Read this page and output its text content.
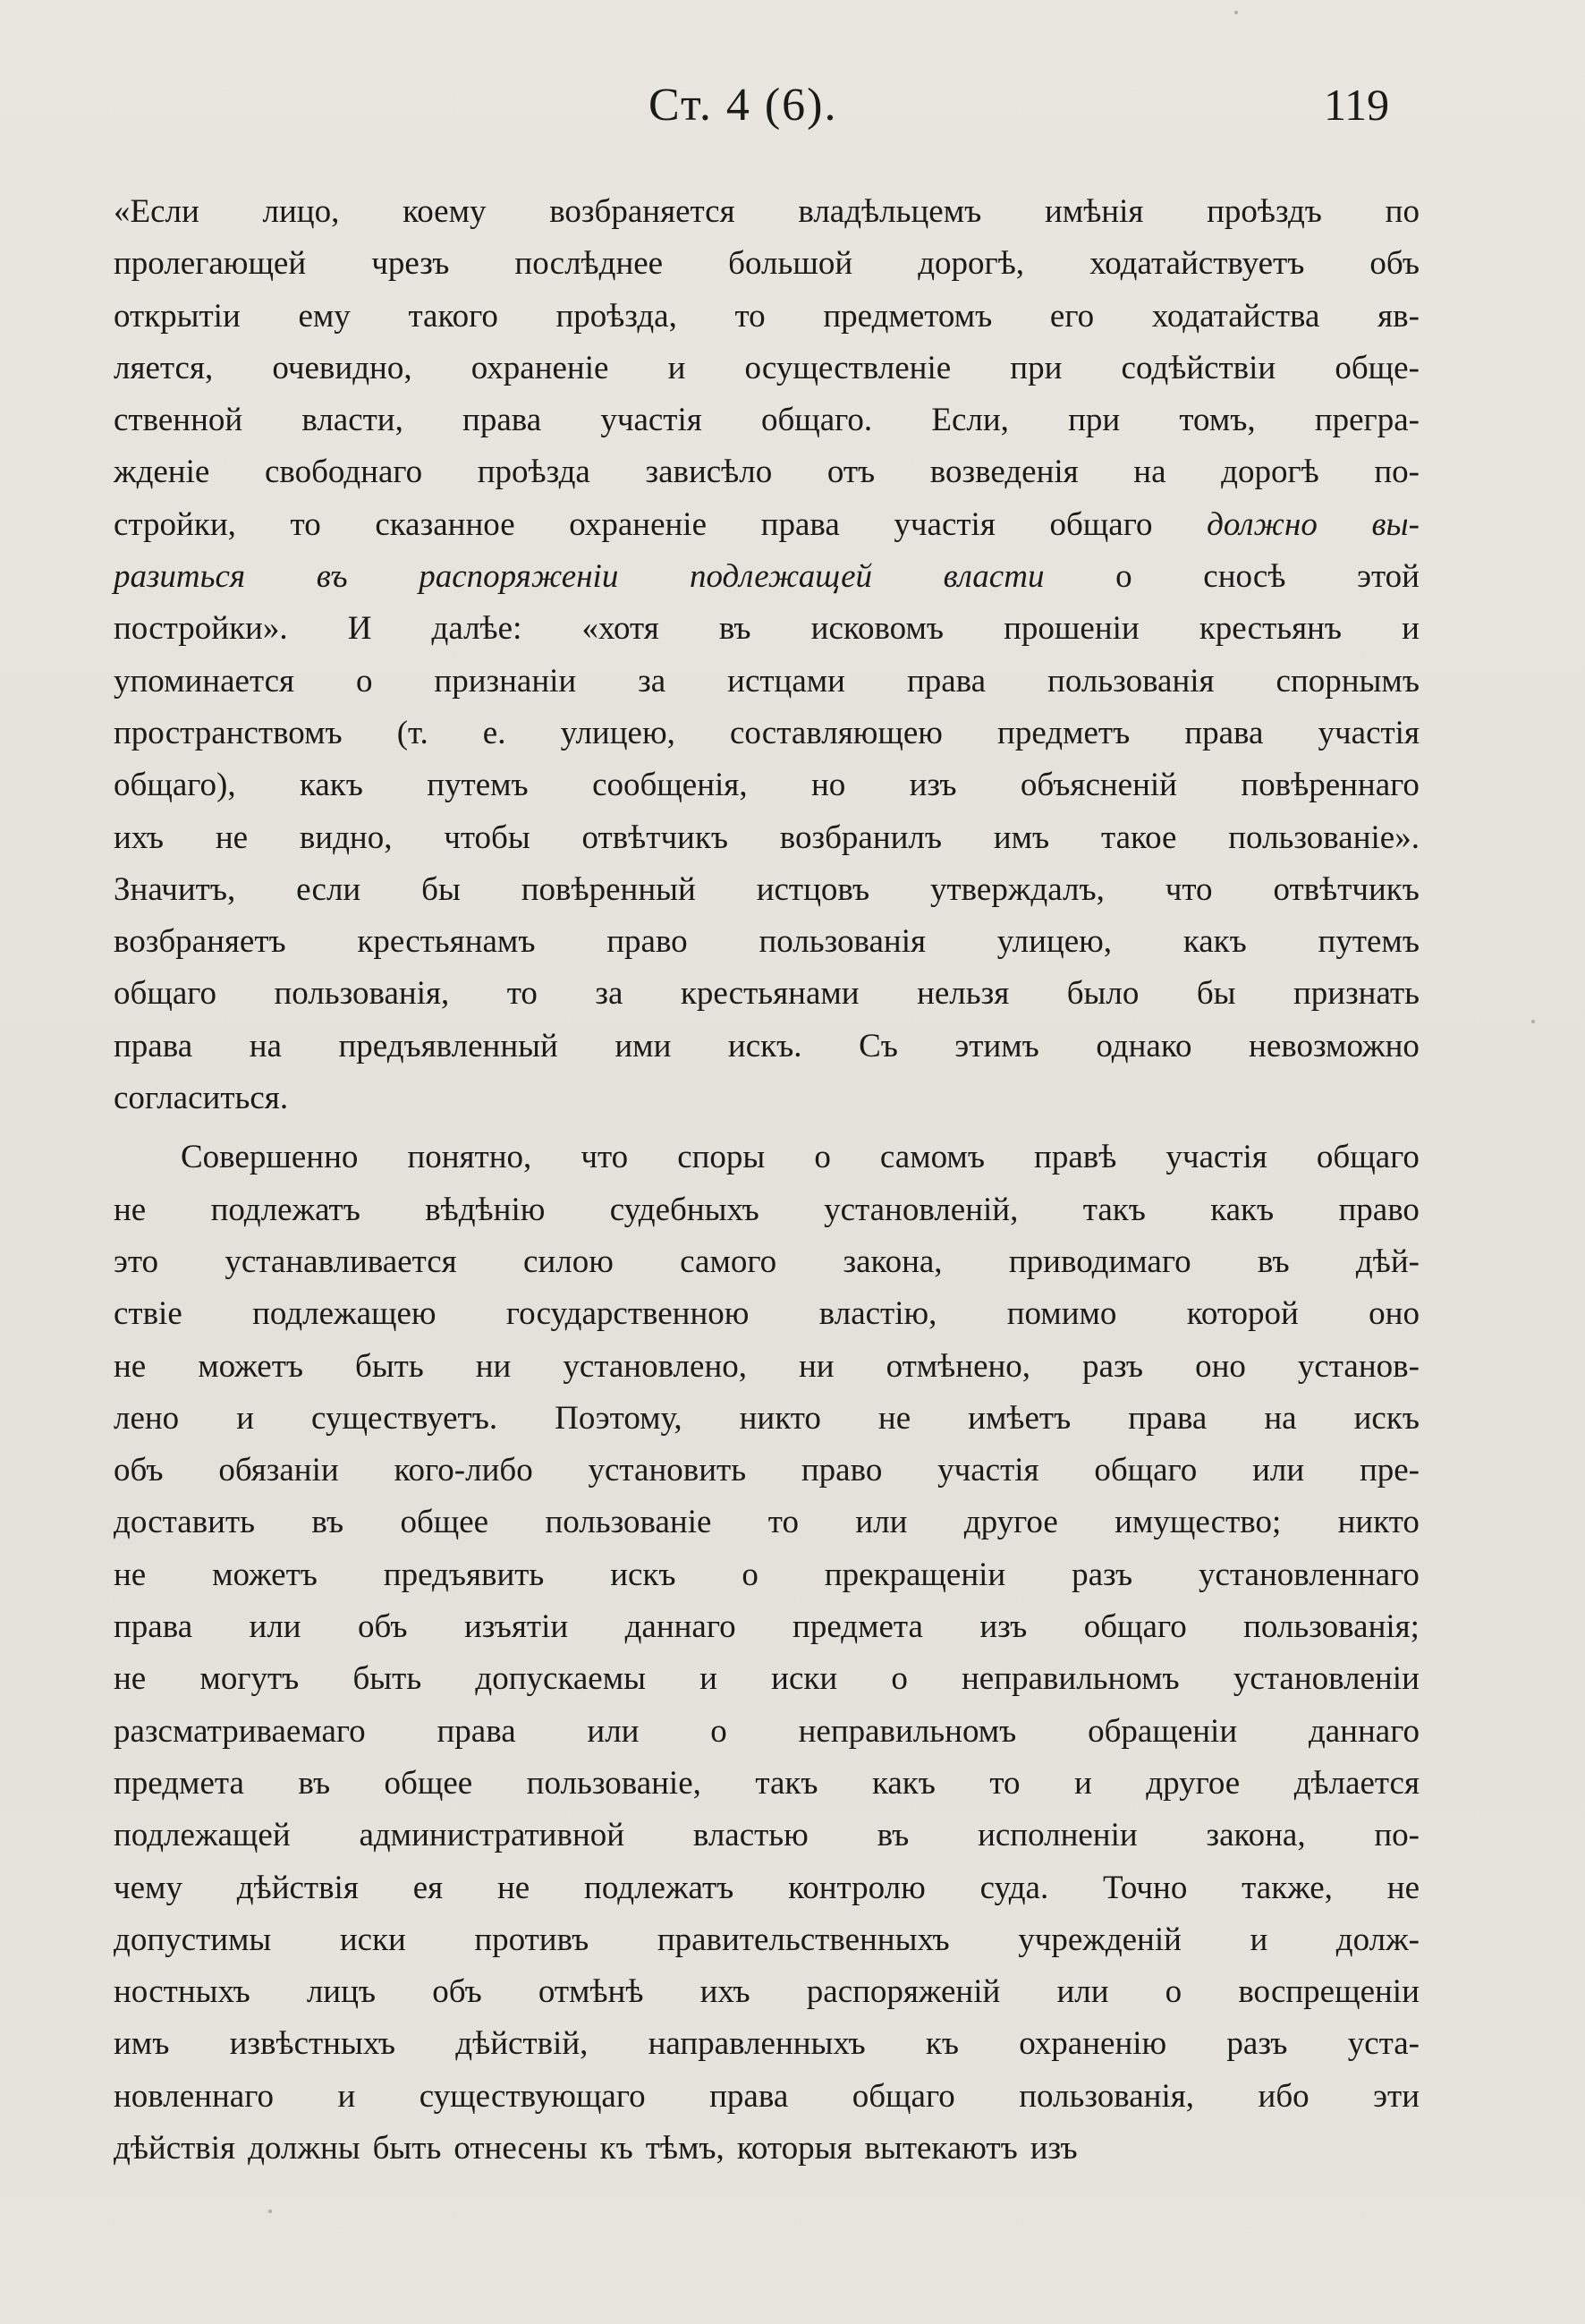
Ст. 4 (6).	119
«Если лицо, коему возбраняется владѣльцемъ имѣнія проѣздъ по
пролегающей чрезъ послѣднее большой дорогѣ, ходатайствуетъ объ
открытіи ему такого проѣзда, то предметомъ его ходатайства яв-
ляется, очевидно, охраненіе и осуществленіе при содѣйствіи обще-
ственной власти, права участія общаго. Если, при томъ, прегра-
жденіе свободнаго проѣзда зависѣло отъ возведенія на дорогѣ по-
стройки, то сказанное охраненіе права участія общаго должно вы-
разиться въ распоряженіи подлежащей власти о сносѣ этой
постройки». И далѣе: «хотя въ исковомъ прошеніи крестьянъ и
упоминается о признаніи за истцами права пользованія спорнымъ
пространствомъ (т. е. улицею, составляющею предметъ права участія
общаго), какъ путемъ сообщенія, но изъ объясненій повѣреннаго
ихъ не видно, чтобы отвѣтчикъ возбранилъ имъ такое пользованіе».
Значитъ, если бы повѣренный истцовъ утверждалъ, что отвѣтчикъ
возбраняетъ крестьянамъ право пользованія улицею, какъ путемъ
общаго пользованія, то за крестьянами нельзя было бы признать
права на предъявленный ими искъ. Съ этимъ однако невозможно
согласиться.
Совершенно понятно, что споры о самомъ правѣ участія общаго
не подлежатъ вѣдѣнію судебныхъ установленій, такъ какъ право
это устанавливается силою самого закона, приводимаго въ дѣй-
ствіе подлежащею государственною властію, помимо которой оно
не можетъ быть ни установлено, ни отмѣнено, разъ оно установ-
лено и существуетъ. Поэтому, никто не имѣетъ права на искъ
объ обязаніи кого-либо установить право участія общаго или пре-
доставить въ общее пользованіе то или другое имущество; никто
не можетъ предъявить искъ о прекращеніи разъ установленнаго
права или объ изъятіи даннаго предмета изъ общаго пользованія;
не могутъ быть допускаемы и иски о неправильномъ установленіи
разсматриваемаго права или о неправильномъ обращеніи даннаго
предмета въ общее пользованіе, такъ какъ то и другое дѣлается
подлежащей административной властью въ исполненіи закона, по-
чему дѣйствія ея не подлежатъ контролю суда. Точно также, не
допустимы иски противъ правительственныхъ учрежденій и долж-
ностныхъ лицъ объ отмѣнѣ ихъ распоряженій или о воспрещеніи
имъ извѣстныхъ дѣйствій, направленныхъ къ охраненію разъ уста-
новленнаго и существующаго права общаго пользованія, ибо эти
дѣйствія должны быть отнесены къ тѣмъ, которыя вытекаютъ изъ
